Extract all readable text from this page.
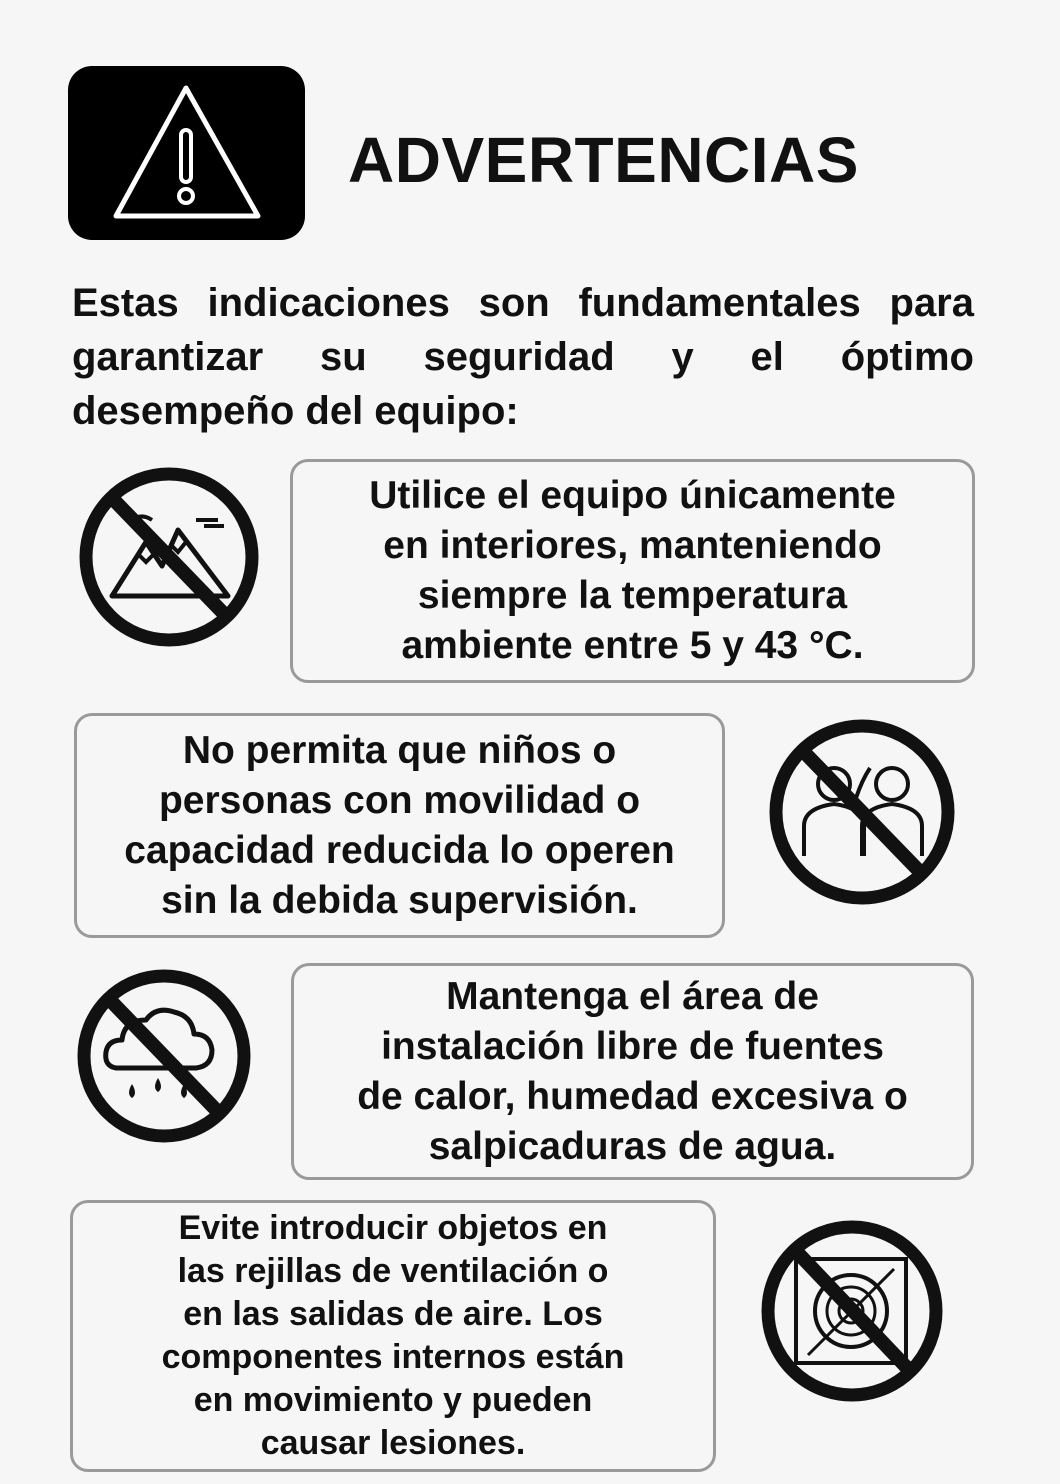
ADVERTENCIAS
Estas indicaciones son fundamentales para garantizar su seguridad y el óptimo desempeño del equipo:
Utilice el equipo únicamente
en interiores, manteniendo
siempre la temperatura
ambiente entre 5 y 43 °C.
No permita que niños o
personas con movilidad o
capacidad reducida lo operen
sin la debida supervisión.
Mantenga el área de
instalación libre de fuentes
de calor, humedad excesiva o
salpicaduras de agua.
Evite introducir objetos en
las rejillas de ventilación o
en las salidas de aire. Los
componentes internos están
en movimiento y pueden
causar lesiones.
